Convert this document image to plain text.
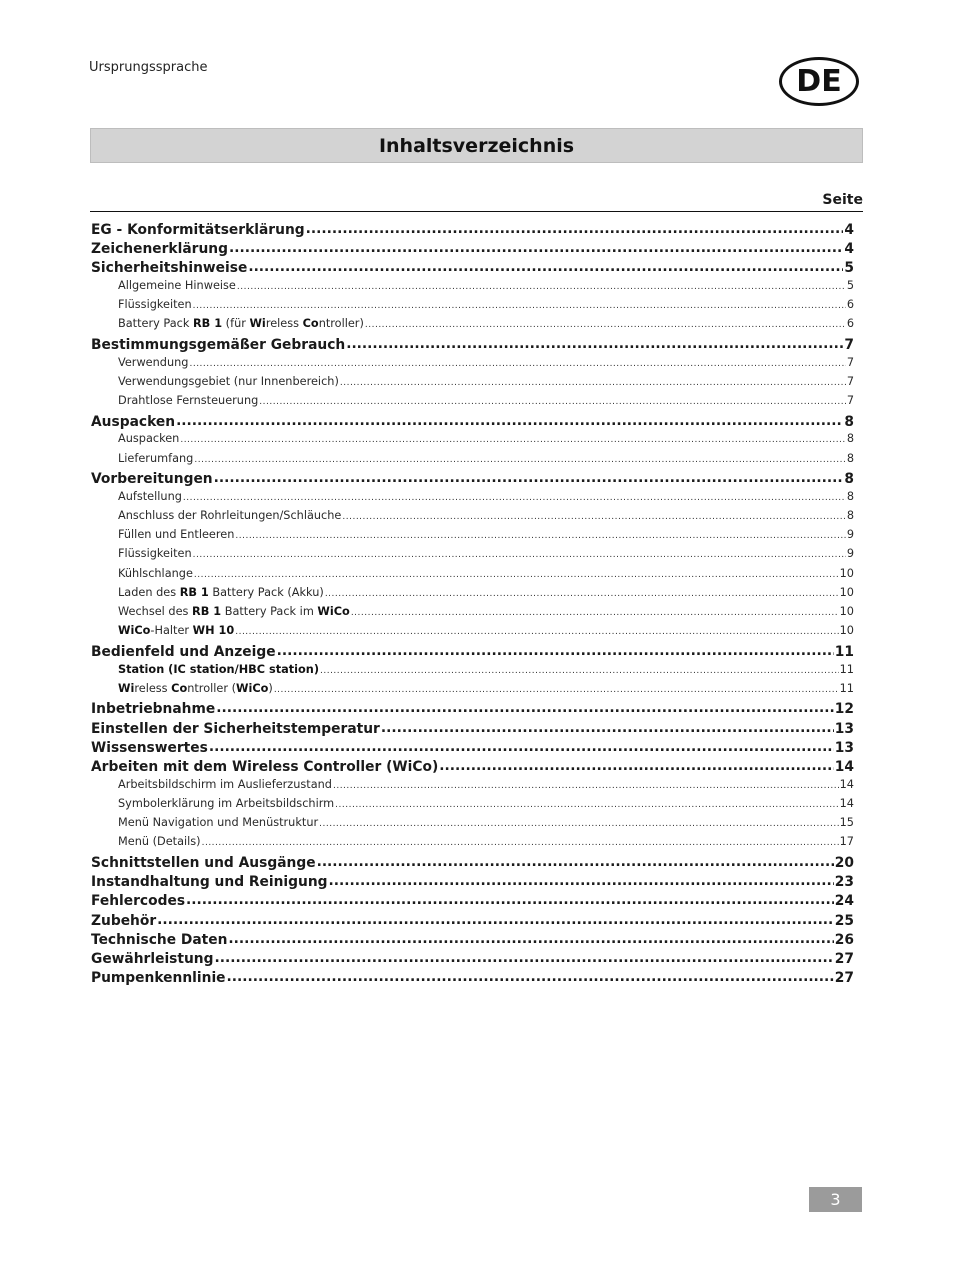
Ursprungssprache	DE
Inhaltsverzeichnis
Seite
EG - Konformitätserklärung .....	4
Zeichenerklärung .....	4
Sicherheitshinweise .....	5
Allgemeine Hinweise .....	5
Flüssigkeiten .....	6
Battery Pack RB 1 (für Wireless Controller) .....	6
Bestimmungsgemäßer Gebrauch .....	7
Verwendung .....	7
Verwendungsgebiet (nur Innenbereich) .....	7
Drahtlose Fernsteuerung .....	7
Auspacken .....	8
Auspacken .....	8
Lieferumfang .....	8
Vorbereitungen .....	8
Aufstellung .....	8
Anschluss der Rohrleitungen/Schläuche .....	8
Füllen und Entleeren .....	9
Flüssigkeiten .....	9
Kühlschlange .....	10
Laden des RB 1 Battery Pack (Akku) .....	10
Wechsel des RB 1 Battery Pack im WiCo .....	10
WiCo-Halter WH 10 .....	10
Bedienfeld und Anzeige .....	11
Station (IC station/HBC station) .....	11
Wireless Controller (WiCo) .....	11
Inbetriebnahme .....	12
Einstellen der Sicherheitstemperatur .....	13
Wissenswertes .....	13
Arbeiten mit dem Wireless Controller (WiCo) .....	14
Arbeitsbildschirm im Auslieferzustand .....	14
Symbolerklärung im Arbeitsbildschirm .....	14
Menü Navigation und Menüstruktur .....	15
Menü (Details) .....	17
Schnittstellen und Ausgänge .....	20
Instandhaltung und Reinigung .....	23
Fehlercodes .....	24
Zubehör .....	25
Technische Daten .....	26
Gewährleistung .....	27
Pumpenkennlinie .....	27
3
